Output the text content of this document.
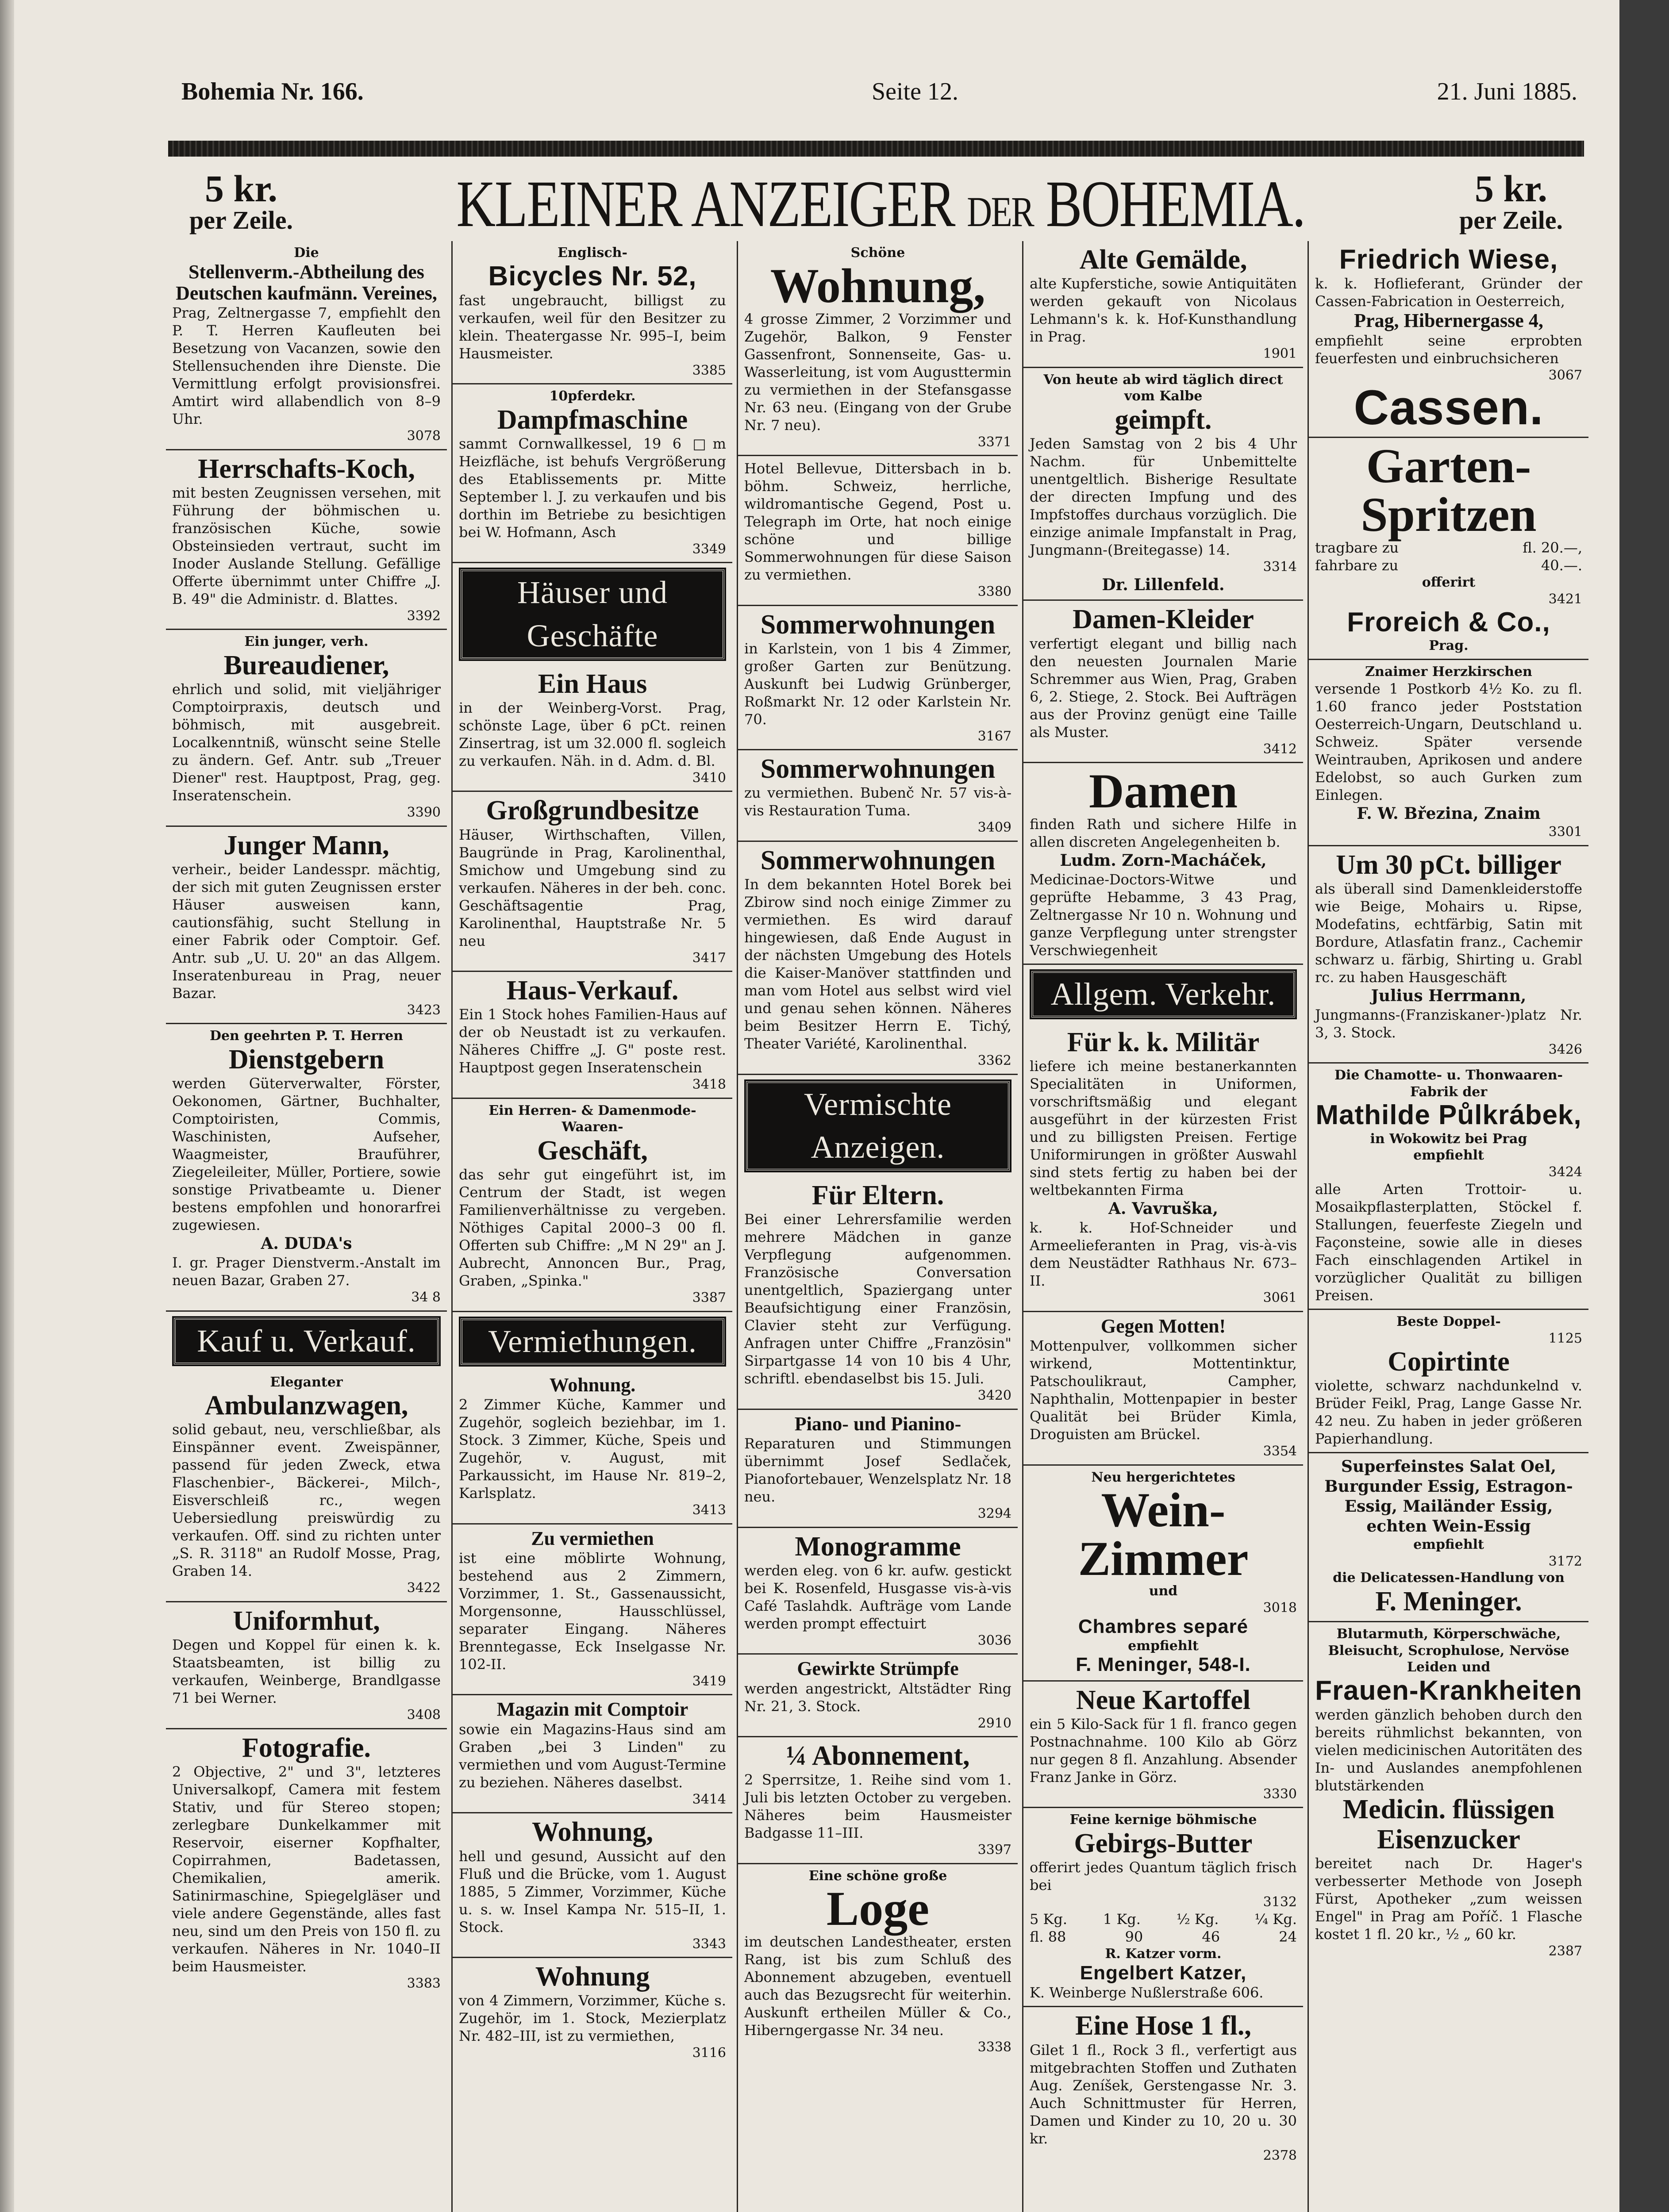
Bohemia Nr. 166.	Seite 12.	21. Juni 1885.
5 kr.
per Zeile.	KLEINER ANZEIGER DER BOHEMIA.	5 kr.
per Zeile.
Die
Stellenverm.-Abtheilung des Deutschen kaufmänn. Vereines,
Prag, Zeltnergasse 7, empfiehlt den P. T. Herren Kaufleuten bei Besetzung von Vacanzen, sowie den Stellensuchenden ihre Dienste. Die Vermittlung erfolgt provisionsfrei. Amtirt wird allabendlich von 8–9 Uhr.
3078
Herrschafts-Koch,
mit besten Zeugnissen versehen, mit Führung der böhmischen u. französischen Küche, sowie Obsteinsieden vertraut, sucht im Inoder Auslande Stellung. Gefällige Offerte übernimmt unter Chiffre „J. B. 49" die Administr. d. Blattes.
3392
Ein junger, verh.
Bureaudiener,
ehrlich und solid, mit vieljähriger Comptoirpraxis, deutsch und böhmisch, mit ausgebreit. Localkenntniß, wünscht seine Stelle zu ändern. Gef. Antr. sub „Treuer Diener" rest. Hauptpost, Prag, geg. Inseratenschein.
3390
Junger Mann,
verheir., beider Landesspr. mächtig, der sich mit guten Zeugnissen erster Häuser ausweisen kann, cautionsfähig, sucht Stellung in einer Fabrik oder Comptoir. Gef. Antr. sub „U. U. 20" an das Allgem. Inseratenbureau in Prag, neuer Bazar.
3423
Den geehrten P. T. Herren
Dienstgebern
werden Güterverwalter, Förster, Oekonomen, Gärtner, Buchhalter, Comptoiristen, Commis, Waschinisten, Aufseher, Waagmeister, Brauführer, Ziegeleileiter, Müller, Portiere, sowie sonstige Privatbeamte u. Diener bestens empfohlen und honorarfrei zugewiesen.
A. DUDA's
I. gr. Prager Dienstverm.-Anstalt im neuen Bazar, Graben 27.
34 8
Kauf u. Verkauf.
Eleganter
Ambulanzwagen,
solid gebaut, neu, verschließbar, als Einspänner event. Zweispänner, passend für jeden Zweck, etwa Flaschenbier-, Bäckerei-, Milch-, Eisverschleiß rc., wegen Uebersiedlung preiswürdig zu verkaufen. Off. sind zu richten unter „S. R. 3118" an Rudolf Mosse, Prag, Graben 14.
3422
Uniformhut,
Degen und Koppel für einen k. k. Staatsbeamten, ist billig zu verkaufen, Weinberge, Brandlgasse 71 bei Werner.
3408
Fotografie.
2 Objective, 2" und 3", letzteres Universalkopf, Camera mit festem Stativ, und für Stereo stopen; zerlegbare Dunkelkammer mit Reservoir, eiserner Kopfhalter, Copirrahmen, Badetassen, Chemikalien, amerik. Satinirmaschine, Spiegelgläser und viele andere Gegenstände, alles fast neu, sind um den Preis von 150 fl. zu verkaufen. Näheres in Nr. 1040–II beim Hausmeister.
3383
Englisch-
Bicycles Nr. 52,
fast ungebraucht, billigst zu verkaufen, weil für den Besitzer zu klein. Theatergasse Nr. 995–I, beim Hausmeister.
3385
10pferdekr.
Dampfmaschine
sammt Cornwallkessel, 19 6 □m Heizfläche, ist behufs Vergrößerung des Etablissements pr. Mitte September l. J. zu verkaufen und bis dorthin im Betriebe zu besichtigen bei W. Hofmann, Asch
3349
Häuser und Geschäfte
Ein Haus
in der Weinberg-Vorst. Prag, schönste Lage, über 6 pCt. reinen Zinsertrag, ist um 32.000 fl. sogleich zu verkaufen. Näh. in d. Adm. d. Bl.
3410
Großgrundbesitze
Häuser, Wirthschaften, Villen, Baugründe in Prag, Karolinenthal, Smichow und Umgebung sind zu verkaufen. Näheres in der beh. conc. Geschäftsagentie Prag, Karolinenthal, Hauptstraße Nr. 5 neu
3417
Haus-Verkauf.
Ein 1 Stock hohes Familien-Haus auf der ob Neustadt ist zu verkaufen. Näheres Chiffre „J. G" poste rest. Hauptpost gegen Inseratenschein
3418
Ein Herren- & Damenmode-Waaren-
Geschäft,
das sehr gut eingeführt ist, im Centrum der Stadt, ist wegen Familienverhältnisse zu vergeben. Nöthiges Capital 2000–3 00 fl. Offerten sub Chiffre: „M N 29" an J. Aubrecht, Annoncen Bur., Prag, Graben, „Spinka."
3387
Vermiethungen.
Wohnung.
2 Zimmer Küche, Kammer und Zugehör, sogleich beziehbar, im 1. Stock. 3 Zimmer, Küche, Speis und Zugehör, v. August, mit Parkaussicht, im Hause Nr. 819–2, Karlsplatz.
3413
Zu vermiethen
ist eine möblirte Wohnung, bestehend aus 2 Zimmern, Vorzimmer, 1. St., Gassenaussicht, Morgensonne, Hausschlüssel, separater Eingang. Näheres Brenntegasse, Eck Inselgasse Nr. 102-II.
3419
Magazin mit Comptoir
sowie ein Magazins-Haus sind am Graben „bei 3 Linden" zu vermiethen und vom August-Termine zu beziehen. Näheres daselbst.
3414
Wohnung,
hell und gesund, Aussicht auf den Fluß und die Brücke, vom 1. August 1885, 5 Zimmer, Vorzimmer, Küche u. s. w. Insel Kampa Nr. 515–II, 1. Stock.
3343
Wohnung
von 4 Zimmern, Vorzimmer, Küche s. Zugehör, im 1. Stock, Mezierplatz Nr. 482–III, ist zu vermiethen,
3116
Schöne
Wohnung,
4 grosse Zimmer, 2 Vorzimmer und Zugehör, Balkon, 9 Fenster Gassenfront, Sonnenseite, Gas- u. Wasserleitung, ist vom Augusttermin zu vermiethen in der Stefansgasse Nr. 63 neu. (Eingang von der Grube Nr. 7 neu).
3371
Hotel Bellevue, Dittersbach in b. böhm. Schweiz, herrliche, wildromantische Gegend, Post u. Telegraph im Orte, hat noch einige schöne und billige Sommerwohnungen für diese Saison zu vermiethen.
3380
Sommerwohnungen
in Karlstein, von 1 bis 4 Zimmer, großer Garten zur Benützung. Auskunft bei Ludwig Grünberger, Roßmarkt Nr. 12 oder Karlstein Nr. 70.
3167
Sommerwohnungen
zu vermiethen. Bubenč Nr. 57 vis-à-vis Restauration Tuma.
3409
Sommerwohnungen
In dem bekannten Hotel Borek bei Zbirow sind noch einige Zimmer zu vermiethen. Es wird darauf hingewiesen, daß Ende August in der nächsten Umgebung des Hotels die Kaiser-Manöver stattfinden und man vom Hotel aus selbst wird viel und genau sehen können. Näheres beim Besitzer Herrn E. Tichý, Theater Variété, Karolinenthal.
3362
Vermischte Anzeigen.
Für Eltern.
Bei einer Lehrersfamilie werden mehrere Mädchen in ganze Verpflegung aufgenommen. Französische Conversation unentgeltlich, Spaziergang unter Beaufsichtigung einer Französin, Clavier steht zur Verfügung. Anfragen unter Chiffre „Französin" Sirpartgasse 14 von 10 bis 4 Uhr, schriftl. ebendaselbst bis 15. Juli.
3420
Piano- und Pianino-
Reparaturen und Stimmungen übernimmt Josef Sedlaček, Pianofortebauer, Wenzelsplatz Nr. 18 neu.
3294
Monogramme
werden eleg. von 6 kr. aufw. gestickt bei K. Rosenfeld, Husgasse vis-à-vis Café Taslahdk. Aufträge vom Lande werden prompt effectuirt
3036
Gewirkte Strümpfe
werden angestrickt, Altstädter Ring Nr. 21, 3. Stock.
2910
¼ Abonnement,
2 Sperrsitze, 1. Reihe sind vom 1. Juli bis letzten October zu vergeben. Näheres beim Hausmeister Badgasse 11–III.
3397
Eine schöne große
Loge
im deutschen Landestheater, ersten Rang, ist bis zum Schluß des Abonnement abzugeben, eventuell auch das Bezugsrecht für weiterhin. Auskunft ertheilen Müller & Co., Hiberngergasse Nr. 34 neu.
3338
Alte Gemälde,
alte Kupferstiche, sowie Antiquitäten werden gekauft von Nicolaus Lehmann's k. k. Hof-Kunsthandlung in Prag.
1901
Von heute ab wird täglich direct vom Kalbe
geimpft.
Jeden Samstag von 2 bis 4 Uhr Nachm. für Unbemittelte unentgeltlich. Bisherige Resultate der directen Impfung und des Impfstoffes durchaus vorzüglich. Die einzige animale Impfanstalt in Prag, Jungmann-(Breitegasse) 14.
3314
Dr. Lillenfeld.
Damen-Kleider
verfertigt elegant und billig nach den neuesten Journalen Marie Schremmer aus Wien, Prag, Graben 6, 2. Stiege, 2. Stock. Bei Aufträgen aus der Provinz genügt eine Taille als Muster.
3412
Damen
finden Rath und sichere Hilfe in allen discreten Angelegenheiten b.
Ludm. Zorn-Macháček,
Medicinae-Doctors-Witwe und geprüfte Hebamme, 3 43 Prag, Zeltnergasse Nr 10 n. Wohnung und ganze Verpflegung unter strengster Verschwiegenheit
Allgem. Verkehr.
Für k. k. Militär
liefere ich meine bestanerkannten Specialitäten in Uniformen, vorschriftsmäßig und elegant ausgeführt in der kürzesten Frist und zu billigsten Preisen. Fertige Uniformirungen in größter Auswahl sind stets fertig zu haben bei der weltbekannten Firma
A. Vavruška,
k. k. Hof-Schneider und Armeelieferanten in Prag, vis-à-vis dem Neustädter Rathhaus Nr. 673–II.
3061
Gegen Motten!
Mottenpulver, vollkommen sicher wirkend, Mottentinktur, Patschoulikraut, Campher, Naphthalin, Mottenpapier in bester Qualität bei Brüder Kimla, Droguisten am Brückel.
3354
Neu hergerichtetes
Wein-Zimmer
und
3018
Chambres separé
empfiehlt
F. Meninger, 548-I.
Neue Kartoffel
ein 5 Kilo-Sack für 1 fl. franco gegen Postnachnahme. 100 Kilo ab Görz nur gegen 8 fl. Anzahlung. Absender Franz Janke in Görz.
3330
Feine kernige böhmische
Gebirgs-Butter
offerirt jedes Quantum täglich frisch bei
3132
5 Kg.	1 Kg.	½ Kg.	¼ Kg.
fl. 88	90	46	24
R. Katzer vorm.
Engelbert Katzer,
K. Weinberge Nußlerstraße 606.
Eine Hose 1 fl.,
Gilet 1 fl., Rock 3 fl., verfertigt aus mitgebrachten Stoffen und Zuthaten Aug. Zeníšek, Gerstengasse Nr. 3. Auch Schnittmuster für Herren, Damen und Kinder zu 10, 20 u. 30 kr.
2378
Friedrich Wiese,
k. k. Hoflieferant, Gründer der Cassen-Fabrication in Oesterreich,
Prag, Hibernergasse 4,
empfiehlt seine erprobten feuerfesten und einbruchsicheren
3067
Cassen.
Garten-
Spritzen
tragbare zu	fl. 20.—,
fahrbare zu	40.—.
offerirt
3421
Froreich & Co.,
Prag.
Znaimer Herzkirschen
versende 1 Postkorb 4½ Ko. zu fl. 1.60 franco jeder Poststation Oesterreich-Ungarn, Deutschland u. Schweiz. Später versende Weintrauben, Aprikosen und andere Edelobst, so auch Gurken zum Einlegen.
F. W. Březina, Znaim
3301
Um 30 pCt. billiger
als überall sind Damenkleiderstoffe wie Beige, Mohairs u. Ripse, Modefatins, echtfärbig, Satin mit Bordure, Atlasfatin franz., Cachemir schwarz u. färbig, Shirting u. Grabl rc. zu haben Hausgeschäft
Julius Herrmann,
Jungmanns-(Franziskaner-)platz Nr. 3, 3. Stock.
3426
Die Chamotte- u. Thonwaaren-Fabrik der
Mathilde Půlkrábek,
in Wokowitz bei Prag
empfiehlt
3424
alle Arten Trottoir- u. Mosaikpflasterplatten, Stöckel f. Stallungen, feuerfeste Ziegeln und Façonsteine, sowie alle in dieses Fach einschlagenden Artikel in vorzüglicher Qualität zu billigen Preisen.
Beste Doppel-
1125
Copirtinte
violette, schwarz nachdunkelnd v. Brüder Feikl, Prag, Lange Gasse Nr. 42 neu. Zu haben in jeder größeren Papierhandlung.
Superfeinstes Salat Oel, Burgunder Essig, Estragon-Essig, Mailänder Essig, echten Wein-Essig
empfiehlt
3172
die Delicatessen-Handlung von
F. Meninger.
Blutarmuth, Körperschwäche, Bleisucht, Scrophulose, Nervöse Leiden und
Frauen-Krankheiten
werden gänzlich behoben durch den bereits rühmlichst bekannten, von vielen medicinischen Autoritäten des In- und Auslandes anempfohlenen blutstärkenden
Medicin. flüssigen Eisenzucker
bereitet nach Dr. Hager's verbesserter Methode von Joseph Fürst, Apotheker „zum weissen Engel" in Prag am Poříč. 1 Flasche kostet 1 fl. 20 kr., ½ „ 60 kr.
2387
